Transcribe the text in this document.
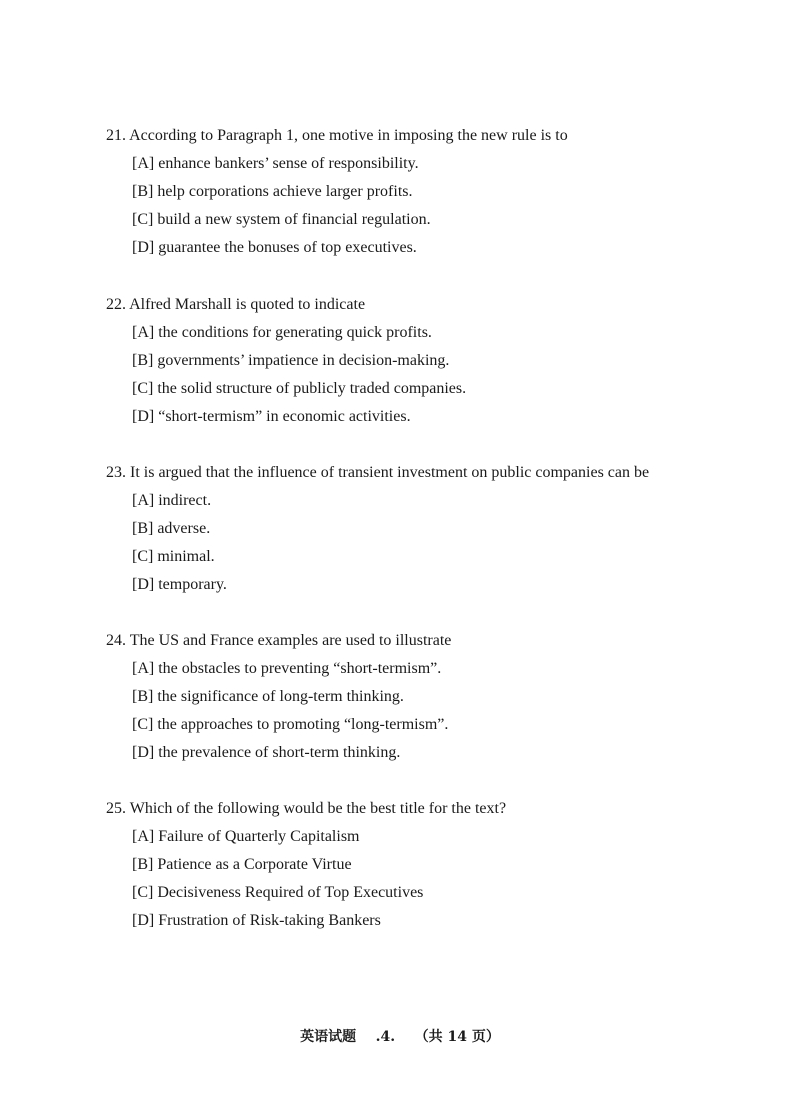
21. According to Paragraph 1, one motive in imposing the new rule is to
[A] enhance bankers’ sense of responsibility.
[B] help corporations achieve larger profits.
[C] build a new system of financial regulation.
[D] guarantee the bonuses of top executives.
22. Alfred Marshall is quoted to indicate
[A] the conditions for generating quick profits.
[B] governments’ impatience in decision-making.
[C] the solid structure of publicly traded companies.
[D] “short-termism” in economic activities.
23. It is argued that the influence of transient investment on public companies can be
[A] indirect.
[B] adverse.
[C] minimal.
[D] temporary.
24. The US and France examples are used to illustrate
[A] the obstacles to preventing “short-termism”.
[B] the significance of long-term thinking.
[C] the approaches to promoting “long-termism”.
[D] the prevalence of short-term thinking.
25. Which of the following would be the best title for the text?
[A] Failure of Quarterly Capitalism
[B] Patience as a Corporate Virtue
[C] Decisiveness Required of Top Executives
[D] Frustration of Risk-taking Bankers
英语试题    .4.    （共 14 页）
